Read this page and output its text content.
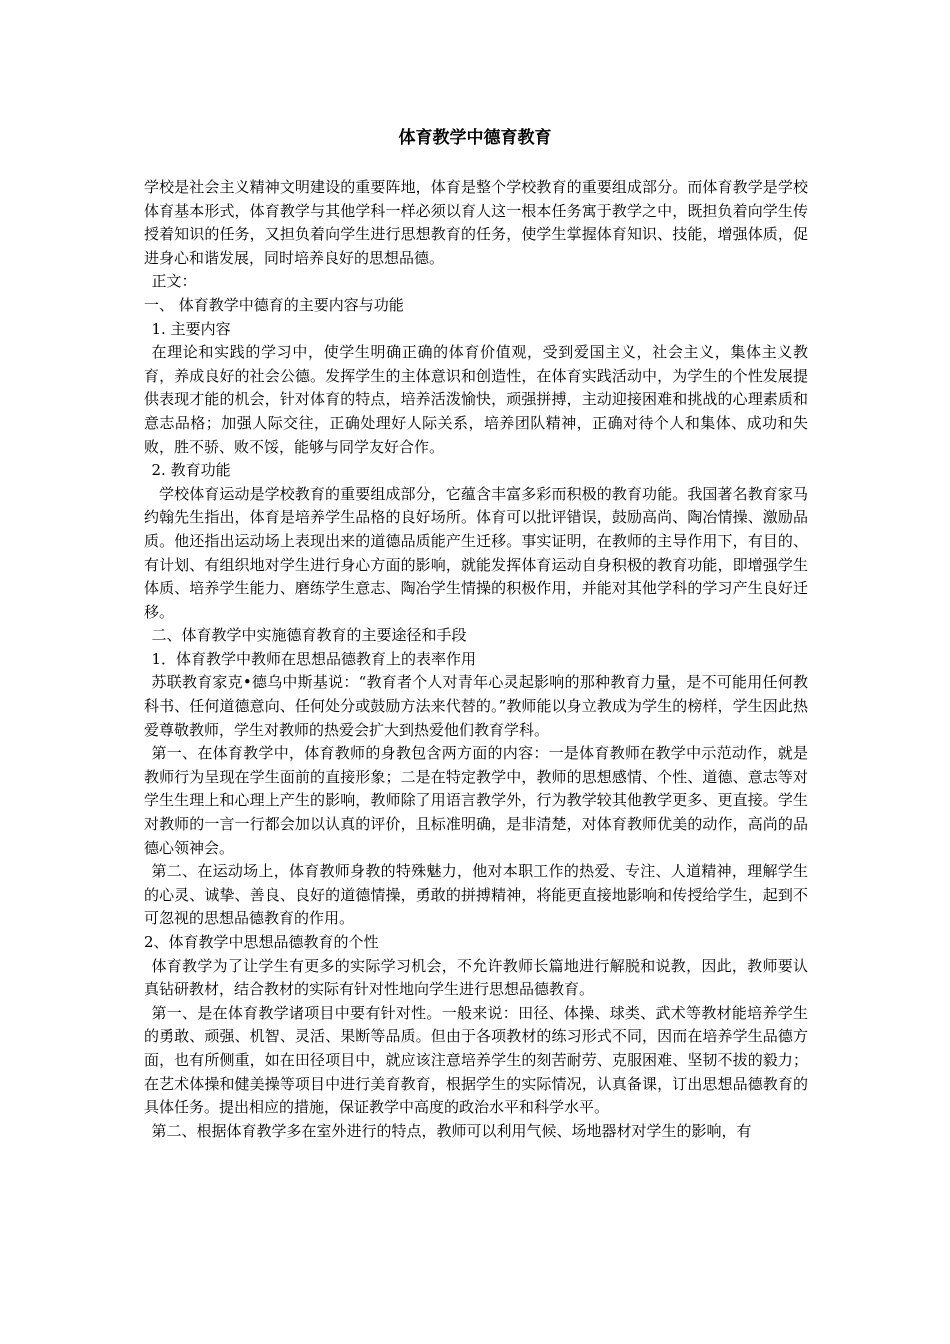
体育教学中德育教育

学校是社会主义精神文明建设的重要阵地，体育是整个学校教育的重要组成部分。而体育教学是学校体育基本形式，体育教学与其他学科一样必须以育人这一根本任务寓于教学之中，既担负着向学生传授着知识的任务，又担负着向学生进行思想教育的任务，使学生掌握体育知识、技能，增强体质，促进身心和谐发展，同时培养良好的思想品德。

正文：

一、 体育教学中德育的主要内容与功能

1. 主要内容

在理论和实践的学习中，使学生明确正确的体育价值观，受到爱国主义，社会主义，集体主义教育，养成良好的社会公德。发挥学生的主体意识和创造性，在体育实践活动中，为学生的个性发展提供表现才能的机会，针对体育的特点，培养活泼愉快，顽强拼搏，主动迎接困难和挑战的心理素质和意志品格；加强人际交往，正确处理好人际关系，培养团队精神，正确对待个人和集体、成功和失败，胜不骄、败不馁，能够与同学友好合作。

2. 教育功能

学校体育运动是学校教育的重要组成部分，它蕴含丰富多彩而积极的教育功能。我国著名教育家马约翰先生指出，体育是培养学生品格的良好场所。体育可以批评错误，鼓励高尚、陶冶情操、激励品质。他还指出运动场上表现出来的道德品质能产生迁移。事实证明，在教师的主导作用下，有目的、有计划、有组织地对学生进行身心方面的影响，就能发挥体育运动自身积极的教育功能，即增强学生体质、培养学生能力、磨练学生意志、陶冶学生情操的积极作用，并能对其他学科的学习产生良好迁移。

二、体育教学中实施德育教育的主要途径和手段

1．体育教学中教师在思想品德教育上的表率作用

苏联教育家克•德乌中斯基说：“教育者个人对青年心灵起影响的那种教育力量，是不可能用任何教科书、任何道德意向、任何处分或鼓励方法来代替的。”教师能以身立教成为学生的榜样，学生因此热爱尊敬教师，学生对教师的热爱会扩大到热爱他们教育学科。

第一、在体育教学中，体育教师的身教包含两方面的内容：一是体育教师在教学中示范动作，就是教师行为呈现在学生面前的直接形象；二是在特定教学中，教师的思想感情、个性、道德、意志等对学生生理上和心理上产生的影响，教师除了用语言教学外，行为教学较其他教学更多、更直接。学生对教师的一言一行都会加以认真的评价，且标准明确，是非清楚，对体育教师优美的动作，高尚的品德心领神会。

第二、在运动场上，体育教师身教的特殊魅力，他对本职工作的热爱、专注、人道精神，理解学生的心灵、诚挚、善良、良好的道德情操，勇敢的拼搏精神，将能更直接地影响和传授给学生，起到不可忽视的思想品德教育的作用。

2、体育教学中思想品德教育的个性

体育教学为了让学生有更多的实际学习机会，不允许教师长篇地进行解脱和说教，因此，教师要认真钻研教材，结合教材的实际有针对性地向学生进行思想品德教育。

第一、是在体育教学诸项目中要有针对性。一般来说：田径、体操、球类、武术等教材能培养学生的勇敢、顽强、机智、灵活、果断等品质。但由于各项教材的练习形式不同，因而在培养学生品德方面，也有所侧重，如在田径项目中，就应该注意培养学生的刻苦耐劳、克服困难、坚韧不拔的毅力；在艺术体操和健美操等项目中进行美育教育，根据学生的实际情况，认真备课，订出思想品德教育的具体任务。提出相应的措施，保证教学中高度的政治水平和科学水平。

第二、根据体育教学多在室外进行的特点，教师可以利用气候、场地器材对学生的影响，有
